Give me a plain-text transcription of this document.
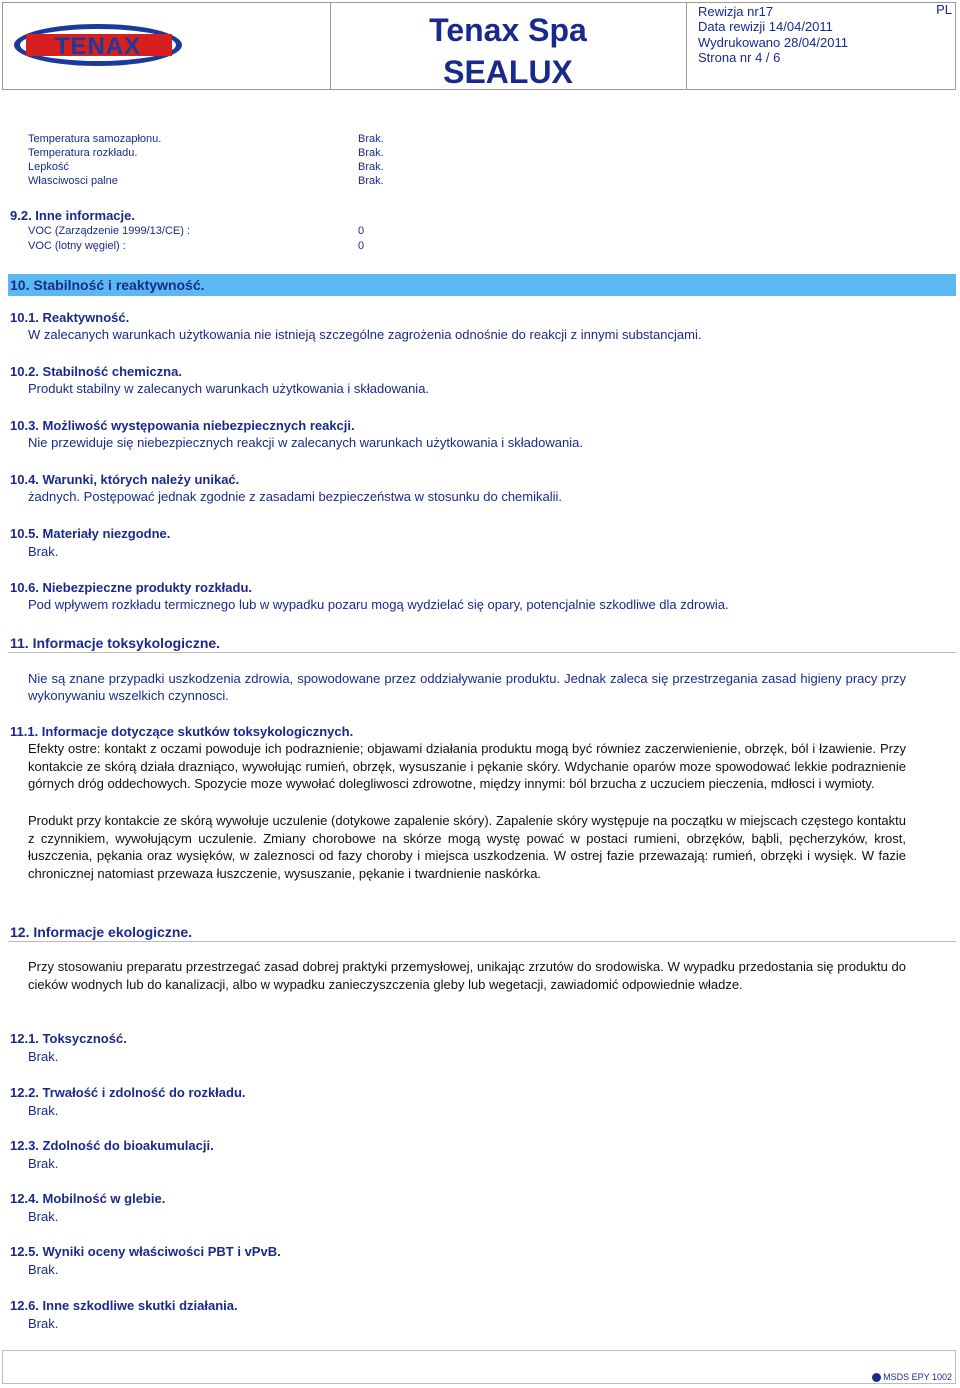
TENAX	Tenax Spa
SEALUX
Rewizja nr17
Data rewizji 14/04/2011
Wydrukowano 28/04/2011
Strona nr 4 / 6
PL
Temperatura samozapłonu.	Brak.
Temperatura rozkładu.	Brak.
Lepkość	Brak.
Własciwosci palne	Brak.
9.2. Inne informacje.
VOC (Zarządzenie 1999/13/CE) :	0
VOC (lotny węgiel) :	0
10. Stabilność i reaktywność.
10.1. Reaktywność.
W zalecanych warunkach użytkowania nie istnieją szczególne zagrożenia odnośnie do reakcji z innymi substancjami.
10.2. Stabilność chemiczna.
Produkt stabilny w zalecanych warunkach użytkowania i składowania.
10.3. Możliwość występowania niebezpiecznych reakcji.
Nie przewiduje się niebezpiecznych reakcji w zalecanych warunkach użytkowania i składowania.
10.4. Warunki, których należy unikać.
żadnych. Postępować jednak zgodnie z zasadami bezpieczeństwa w stosunku do chemikalii.
10.5. Materiały niezgodne.
Brak.
10.6. Niebezpieczne produkty rozkładu.
Pod wpływem rozkładu termicznego lub w wypadku pozaru mogą wydzielać się opary, potencjalnie szkodliwe dla zdrowia.
11. Informacje toksykologiczne.
Nie są znane przypadki uszkodzenia zdrowia, spowodowane przez oddziaływanie produktu. Jednak zaleca się przestrzegania zasad higieny pracy przy wykonywaniu wszelkich czynnosci.
11.1. Informacje dotyczące skutków toksykologicznych.
Efekty ostre: kontakt z oczami powoduje ich podraznienie; objawami działania produktu mogą być równiez zaczerwienienie, obrzęk, ból i łzawienie. Przy kontakcie ze skórą działa drazniąco, wywołując rumień, obrzęk, wysuszanie i pękanie skóry. Wdychanie oparów moze spowodować lekkie podraznienie górnych dróg oddechowych. Spozycie moze wywołać dolegliwosci zdrowotne, między innymi: ból brzucha z uczuciem pieczenia, mdłosci i wymioty.
Produkt przy kontakcie ze skórą wywołuje uczulenie (dotykowe zapalenie skóry). Zapalenie skóry występuje na początku w miejscach częstego kontaktu z czynnikiem, wywołującym uczulenie. Zmiany chorobowe na skórze mogą wystę pować w postaci rumieni, obrzęków, bąbli, pęcherzyków, krost, łuszczenia, pękania oraz wysięków, w zaleznosci od fazy choroby i miejsca uszkodzenia. W ostrej fazie przewazają: rumień, obrzęki i wysięk. W fazie chronicznej natomiast przewaza łuszczenie, wysuszanie, pękanie i twardnienie naskórka.
12. Informacje ekologiczne.
Przy stosowaniu preparatu przestrzegać zasad dobrej praktyki przemysłowej, unikając zrzutów do srodowiska. W wypadku przedostania się produktu do cieków wodnych lub do kanalizacji, albo w wypadku zanieczyszczenia gleby lub wegetacji, zawiadomić odpowiednie władze.
12.1. Toksyczność.
Brak.
12.2. Trwałość i zdolność do rozkładu.
Brak.
12.3. Zdolność do bioakumulacji.
Brak.
12.4. Mobilność w glebie.
Brak.
12.5. Wyniki oceny właściwości PBT i vPvB.
Brak.
12.6. Inne szkodliwe skutki działania.
Brak.
MSDS EPY 1002
